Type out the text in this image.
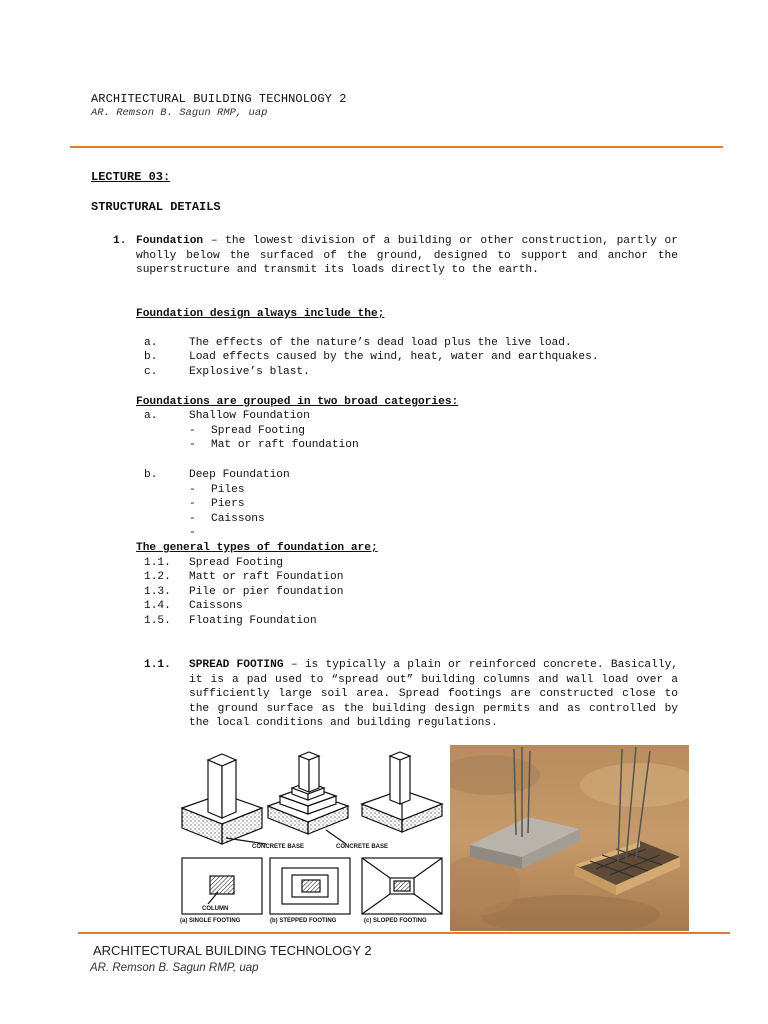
ARCHITECTURAL BUILDING TECHNOLOGY 2
AR. Remson B. Sagun RMP, uap
LECTURE 03:
STRUCTURAL DETAILS
1. Foundation – the lowest division of a building or other construction, partly or wholly below the surfaced of the ground, designed to support and anchor the superstructure and transmit its loads directly to the earth.
Foundation design always include the;
a.	The effects of the nature’s dead load plus the live load.
b.	Load effects caused by the wind, heat, water and earthquakes.
c.	Explosive’s blast.
Foundations are grouped in two broad categories:
a.	Shallow Foundation
- Spread Footing
- Mat or raft foundation
b.	Deep Foundation
- Piles
- Piers
- Caissons
-
The general types of foundation are;
1.1. Spread Footing
1.2. Matt or raft Foundation
1.3. Pile or pier foundation
1.4. Caissons
1.5. Floating Foundation
1.1. SPREAD FOOTING – is typically a plain or reinforced concrete. Basically, it is a pad used to “spread out” building columns and wall load over a sufficiently large soil area. Spread footings are constructed close to the ground surface as the building design permits and as controlled by the local conditions and building regulations.
CONCRETE BASE	CONCRETE BASE
COLUMN
(a) SINGLE FOOTING	(b) STEPPED FOOTING	(c) SLOPED FOOTING
ARCHITECTURAL BUILDING TECHNOLOGY 2
AR. Remson B. Sagun RMP, uap
